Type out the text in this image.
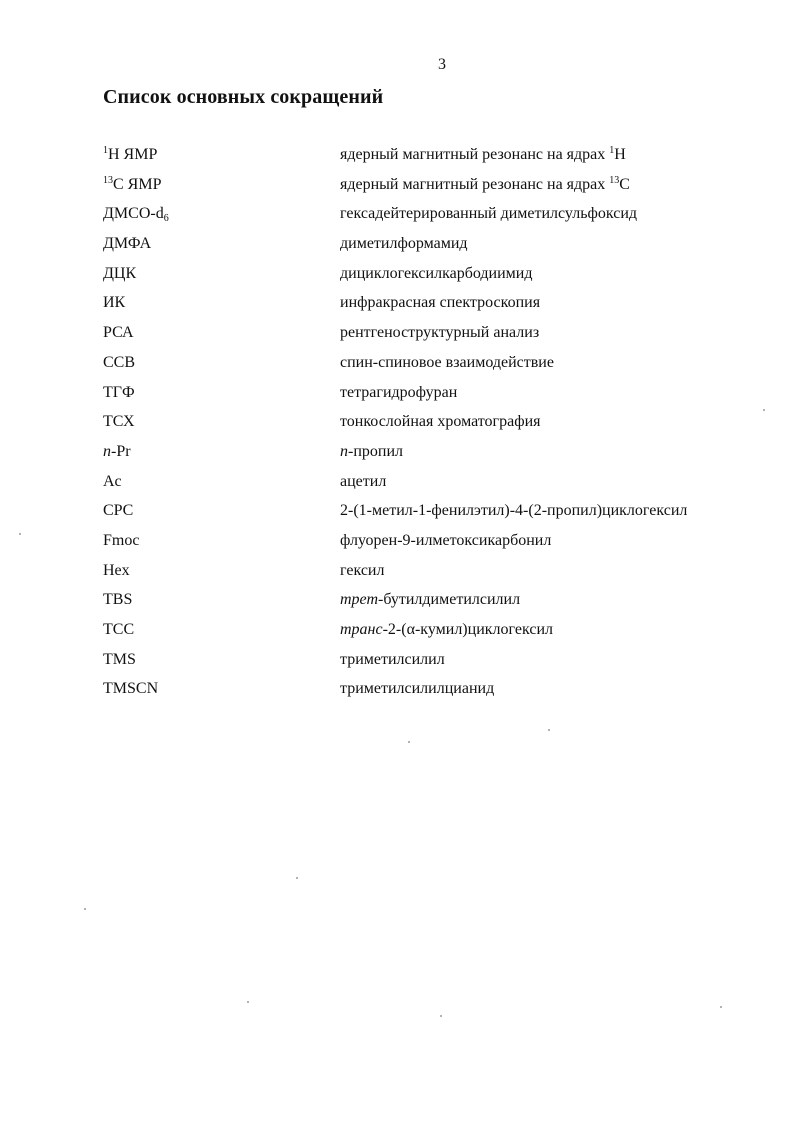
3
Список основных сокращений
$^1$H ЯМР	ядерный магнитный резонанс на ядрах $^1$H
$^{13}$C ЯМР	ядерный магнитный резонанс на ядрах $^{13}$C
ДМСО-$d_6$	гексадейтерированный диметилсульфоксид
ДМФА	диметилформамид
ДЦК	дициклогексилкарбодиимид
ИК	инфракрасная спектроскопия
РСА	рентгеноструктурный анализ
ССВ	спин-спиновое взаимодействие
ТГФ	тетрагидрофуран
ТСХ	тонкослойная хроматография
n-Pr	n-пропил
Ac	ацетил
CPC	2-(1-метил-1-фенилэтил)-4-(2-пропил)циклогексил
Fmoc	флуорен-9-илметоксикарбонил
Hex	гексил
TBS	трет-бутилдиметилсилил
TCC	транс-2-(α-кумил)циклогексил
TMS	триметилсилил
TMSCN	триметилсилилцианид
